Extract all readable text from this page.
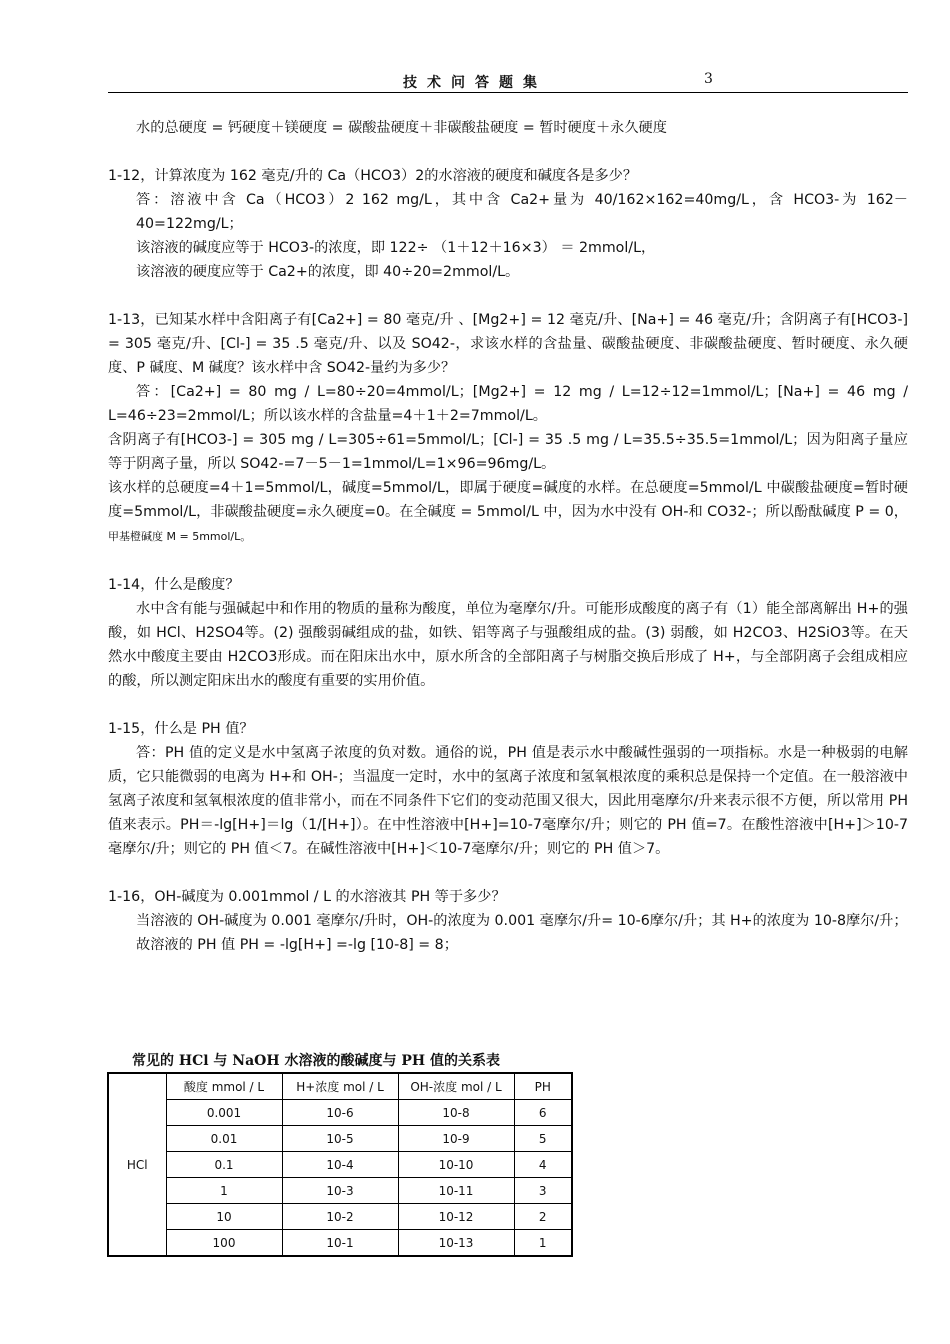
技术问答题集	3

水的总硬度 = 钙硬度＋镁硬度 = 碳酸盐硬度＋非碳酸盐硬度 = 暂时硬度＋永久硬度

1-12，计算浓度为 162 毫克/升的 Ca（HCO3）2的水溶液的硬度和碱度各是多少？

答：溶液中含 Ca（HCO3）2 162 mg/L，其中含 Ca2+量为 40/162×162=40mg/L，含 HCO3-为 162－40=122mg/L；

该溶液的碱度应等于 HCO3-的浓度，即 122÷ （1＋12＋16×3） ＝ 2mmol/L，

该溶液的硬度应等于 Ca2+的浓度，即 40÷20=2mmol/L。

1-13，已知某水样中含阳离子有[Ca2+] = 80 毫克/升 、[Mg2+] = 12 毫克/升、[Na+] = 46 毫克/升；含阴离子有[HCO3-] = 305 毫克/升、[Cl-] = 35 .5 毫克/升、以及 SO42-，求该水样的含盐量、碳酸盐硬度、非碳酸盐硬度、暂时硬度、永久硬度、P 碱度、M 碱度？该水样中含 SO42-量约为多少？

答：[Ca2+] = 80 mg / L=80÷20=4mmol/L；[Mg2+] = 12 mg / L=12÷12=1mmol/L；[Na+] = 46 mg / L=46÷23=2mmol/L；所以该水样的含盐量=4＋1＋2=7mmol/L。

含阴离子有[HCO3-] = 305 mg / L=305÷61=5mmol/L；[Cl-] = 35 .5 mg / L=35.5÷35.5=1mmol/L；因为阳离子量应等于阴离子量，所以 SO42-=7－5－1=1mmol/L=1×96=96mg/L。

该水样的总硬度=4＋1=5mmol/L，碱度=5mmol/L，即属于硬度=碱度的水样。在总硬度=5mmol/L 中碳酸盐硬度=暂时硬度=5mmol/L，非碳酸盐硬度=永久硬度=0。在全碱度 = 5mmol/L 中，因为水中没有 OH-和 CO32-；所以酚酞碱度 P = 0，甲基橙碱度 M = 5mmol/L。

1-14，什么是酸度？

水中含有能与强碱起中和作用的物质的量称为酸度，单位为毫摩尔/升。可能形成酸度的离子有（1）能全部离解出 H+的强酸，如 HCl、H2SO4等。(2) 强酸弱碱组成的盐，如铁、铝等离子与强酸组成的盐。(3) 弱酸，如 H2CO3、H2SiO3等。在天然水中酸度主要由 H2CO3形成。而在阳床出水中，原水所含的全部阳离子与树脂交换后形成了 H+，与全部阴离子会组成相应的酸，所以测定阳床出水的酸度有重要的实用价值。

1-15，什么是 PH 值？

答：PH 值的定义是水中氢离子浓度的负对数。通俗的说，PH 值是表示水中酸碱性强弱的一项指标。水是一种极弱的电解质，它只能微弱的电离为 H+和 OH-；当温度一定时，水中的氢离子浓度和氢氧根浓度的乘积总是保持一个定值。在一般溶液中氢离子浓度和氢氧根浓度的值非常小，而在不同条件下它们的变动范围又很大，因此用毫摩尔/升来表示很不方便，所以常用 PH 值来表示。PH＝-lg[H+]＝lg（1/[H+]）。在中性溶液中[H+]=10-7毫摩尔/升；则它的 PH 值=7。在酸性溶液中[H+]＞10-7毫摩尔/升；则它的 PH 值＜7。在碱性溶液中[H+]＜10-7毫摩尔/升；则它的 PH 值＞7。

1-16，OH-碱度为 0.001mmol / L 的水溶液其 PH 等于多少？

当溶液的 OH-碱度为 0.001 毫摩尔/升时，OH-的浓度为 0.001 毫摩尔/升= 10-6摩尔/升；其 H+的浓度为 10-8摩尔/升；

故溶液的 PH 值 PH = -lg[H+] =-lg [10-8] = 8；

常见的 HCl 与 NaOH 水溶液的酸碱度与 PH 值的关系表
HCl	酸度 mmol / L	H+浓度 mol / L	OH-浓度 mol / L	PH
	0.001	10-6	10-8	6
	0.01	10-5	10-9	5
	0.1	10-4	10-10	4
	1	10-3	10-11	3
	10	10-2	10-12	2
	100	10-1	10-13	1
